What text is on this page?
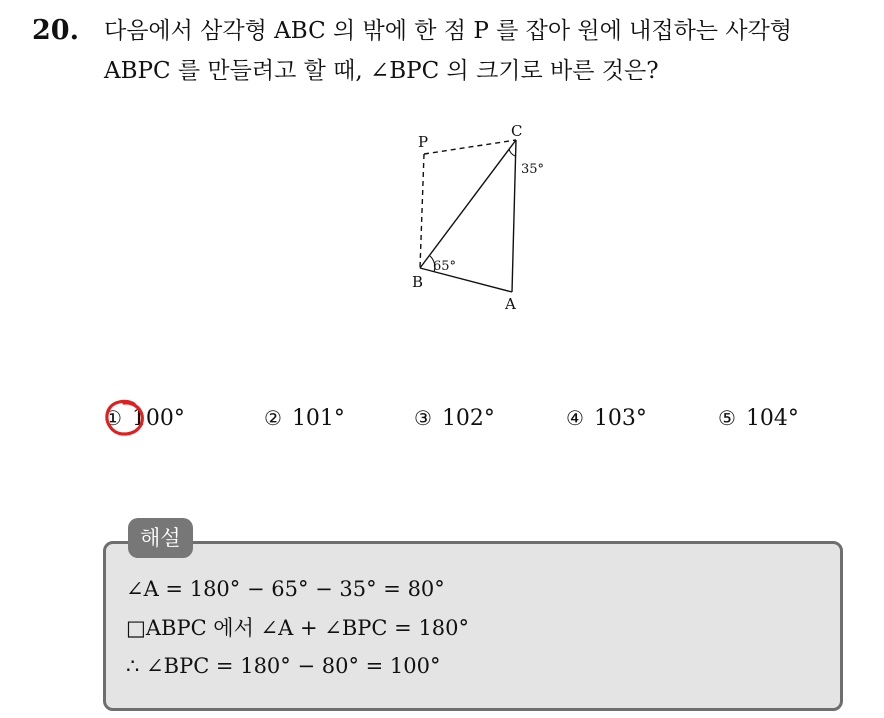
20. 다음에서 삼각형 ABC 의 밖에 한 점 P 를 잡아 원에 내접하는 사각형
ABPC 를 만들려고 할 때, ∠BPC 의 크기로 바른 것은?
P
C
B
A
65°
35°
① 100°	② 101°	③ 102°	④ 103°	⑤ 104°
∠A = 180° − 65° − 35° = 80°
□ABPC 에서 ∠A + ∠BPC = 180°
∴ ∠BPC = 180° − 80° = 100°
해설
